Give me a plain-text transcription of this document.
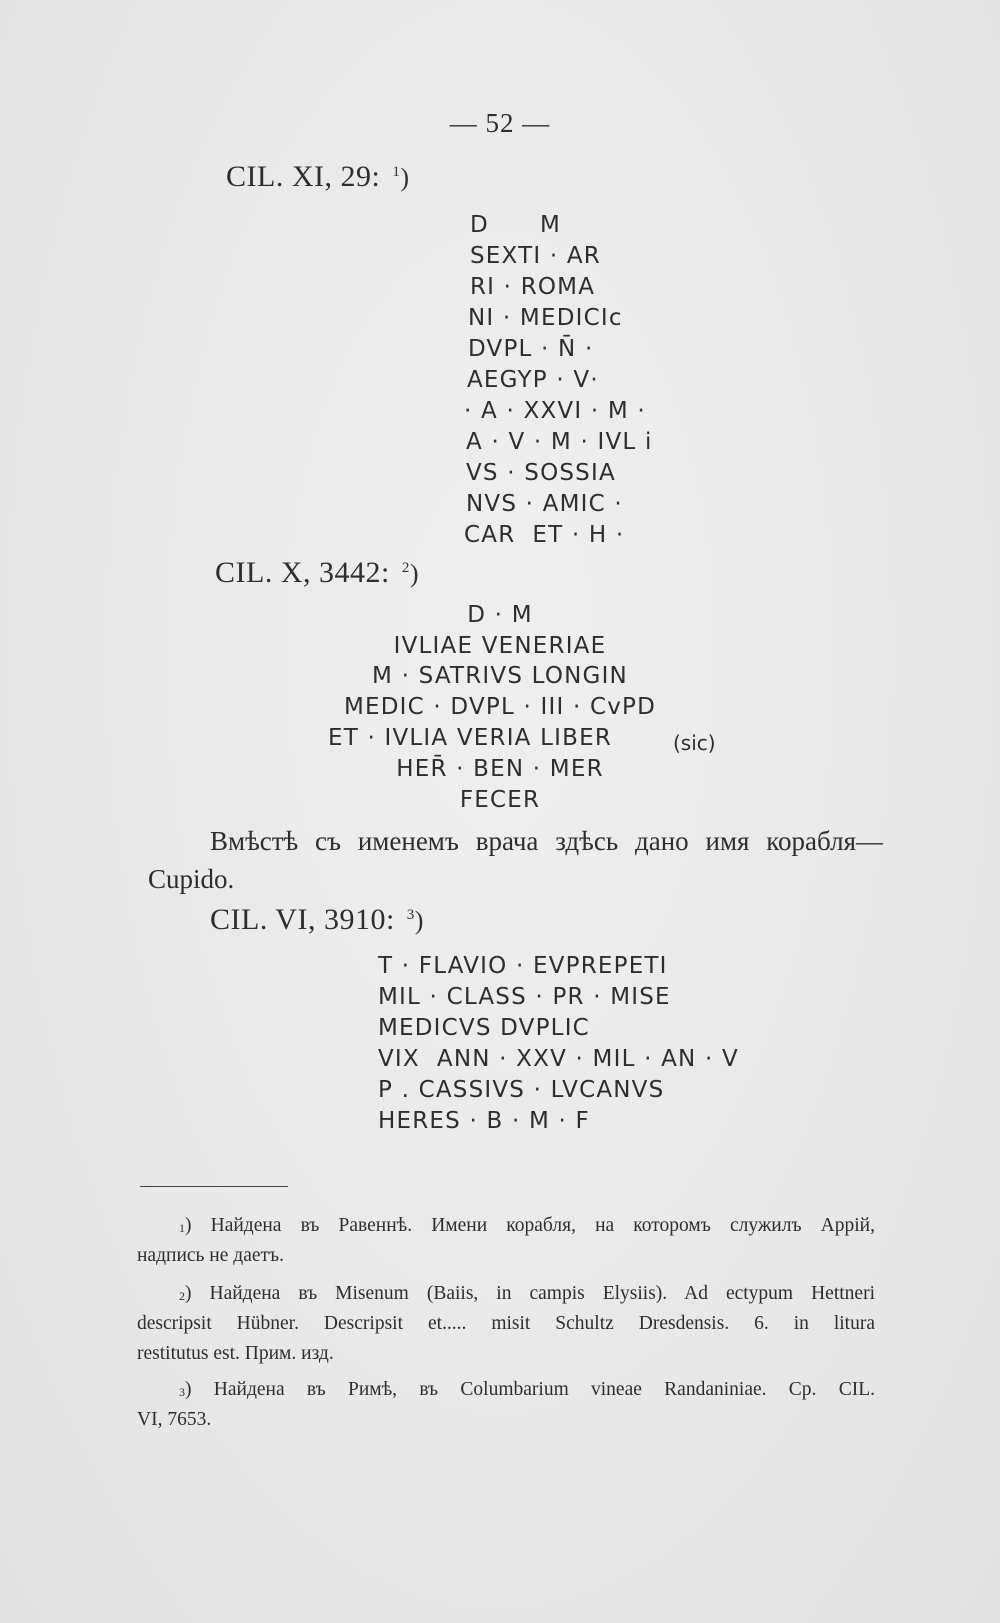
— 52 —
CIL. XI, 29: $^1$)
D      M
SEXTI · AR
RI · ROMA
NI · MEDICIc
DVPL · N̄ ·
AEGYP · V·
· A · XXVI · M ·
A · V · M · IVL i
VS · SOSSIA
NVS · AMIC ·
CAR  ET · H ·
CIL. X, 3442: $^2$)
D · M
IVLIAE VENERIAE
M · SATRIVS LONGIN
MEDIC · DVPL · III · CvPD
ET · IVLIA VERIA LIBER
HER̄ · BEN · MER
FECER
(sic)
Вмѣстѣ съ именемъ врача здѣсь дано имя корабля—
Cupido.
CIL. VI, 3910: $^3$)
T · FLAVIO · EVPREPETI
MIL · CLASS · PR · MISE
MEDICVS DVPLIC
VIX  ANN · XXV · MIL · AN · V
P . CASSIVS · LVCANVS
HERES · B · M · F
$^1$) Найдена въ Равеннѣ. Имени корабля, на которомъ служилъ Аррій,
надпись не даетъ.
$^2$) Найдена въ Misenum (Baiis, in campis Elysiis). Ad ectypum Hettneri
descripsit Hübner. Descripsit et..... misit Schultz Dresdensis. 6. in litura
restitutus est. Прим. изд.
$^3$) Найдена въ Римѣ, въ Columbarium vineae Randaniniae. Ср. CIL.
VI, 7653.
